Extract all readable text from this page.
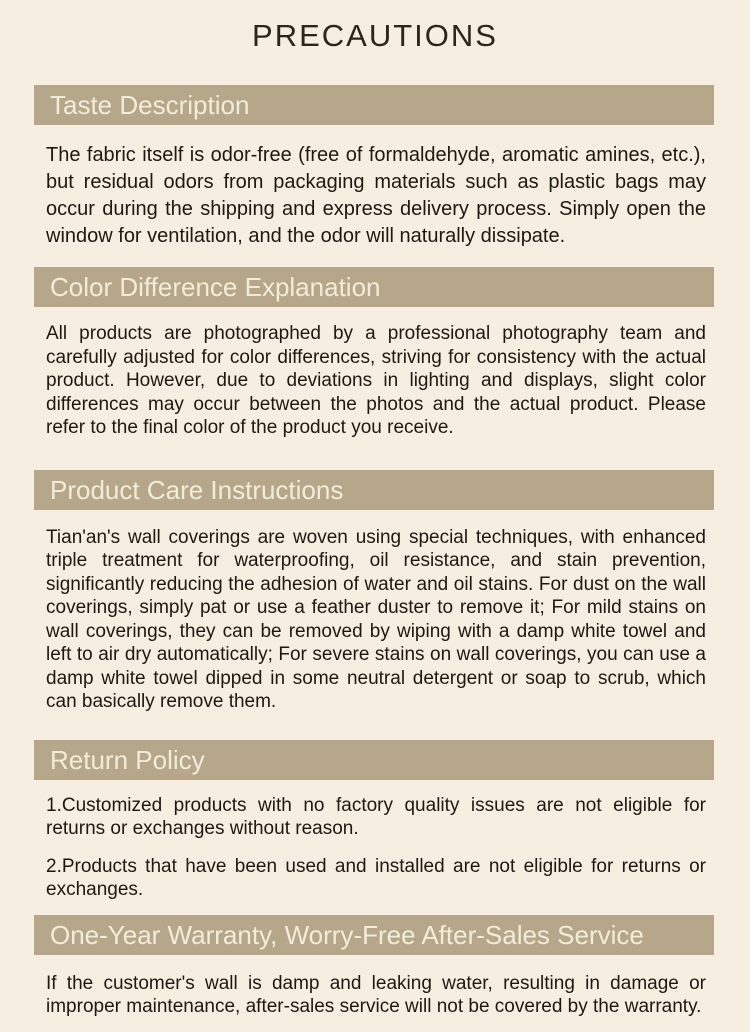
PRECAUTIONS
Taste Description

The fabric itself is odor-free (free of formaldehyde, aromatic amines, etc.), but residual odors from packaging materials such as plastic bags may occur during the shipping and express delivery process. Simply open the window for ventilation, and the odor will naturally dissipate.

Color Difference Explanation

All products are photographed by a professional photography team and carefully adjusted for color differences, striving for consistency with the actual product. However, due to deviations in lighting and displays, slight color differences may occur between the photos and the actual product. Please refer to the final color of the product you receive.

Product Care Instructions

Tian'an's wall coverings are woven using special techniques, with enhanced triple treatment for waterproofing, oil resistance, and stain prevention, significantly reducing the adhesion of water and oil stains. For dust on the wall coverings, simply pat or use a feather duster to remove it; For mild stains on wall coverings, they can be removed by wiping with a damp white towel and left to air dry automatically; For severe stains on wall coverings, you can use a damp white towel dipped in some neutral detergent or soap to scrub, which can basically remove them.

Return Policy

1.Customized products with no factory quality issues are not eligible for returns or exchanges without reason.

2.Products that have been used and installed are not eligible for returns or exchanges.

One-Year Warranty, Worry-Free After-Sales Service

If the customer's wall is damp and leaking water, resulting in damage or improper maintenance, after-sales service will not be covered by the warranty.
